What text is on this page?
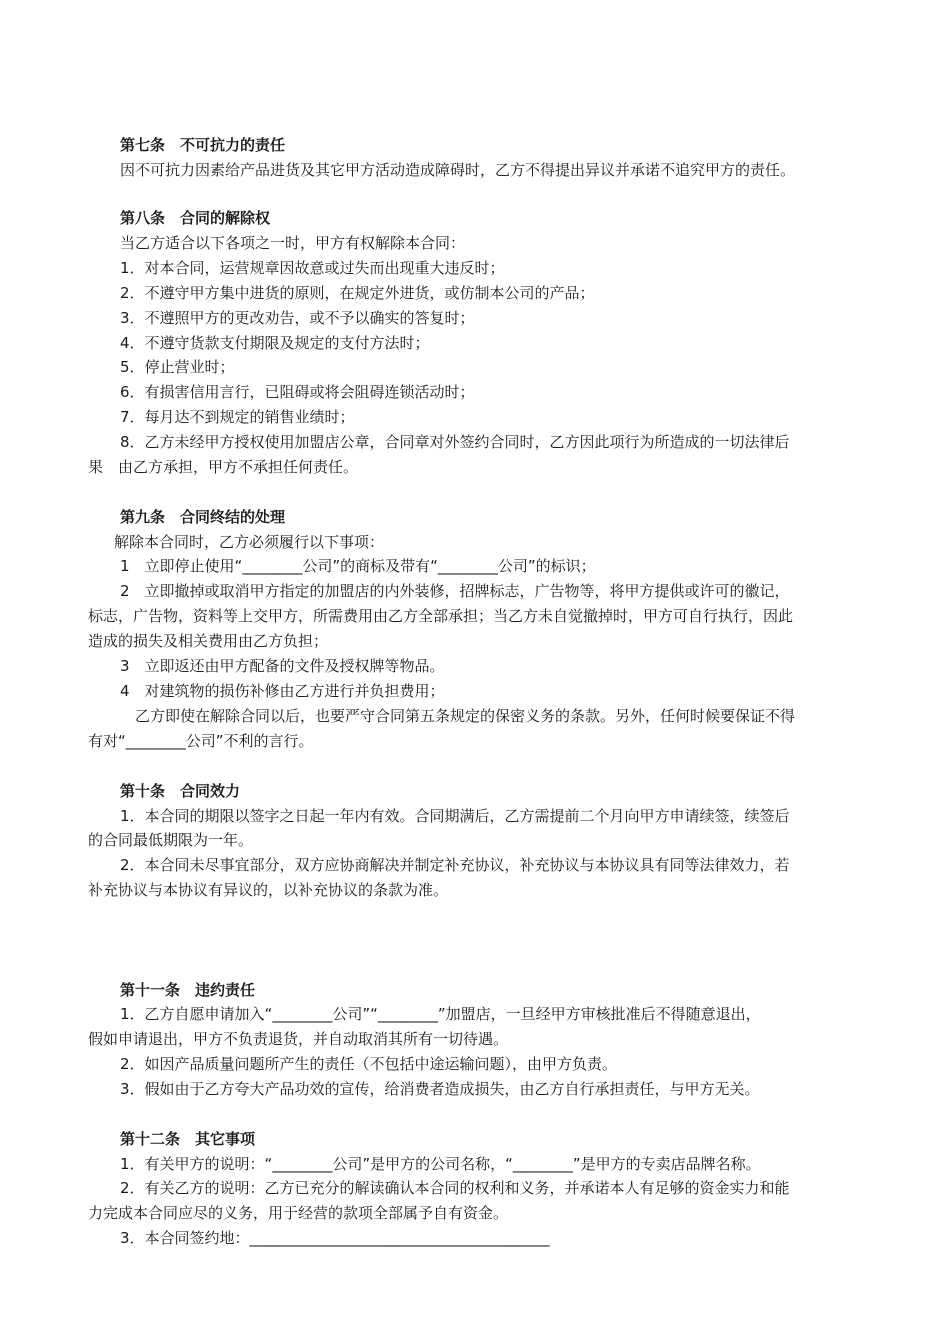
第七条　不可抗力的责任
因不可抗力因素给产品进货及其它甲方活动造成障碍时，乙方不得提出异议并承诺不追究甲方的责任。
第八条　合同的解除权
当乙方适合以下各项之一时，甲方有权解除本合同：
1．对本合同，运营规章因故意或过失而出现重大违反时；
2．不遵守甲方集中进货的原则，在规定外进货，或仿制本公司的产品；
3．不遵照甲方的更改劝告，或不予以确实的答复时；
4．不遵守货款支付期限及规定的支付方法时；
5．停止营业时；
6．有损害信用言行，已阻碍或将会阻碍连锁活动时；
7．每月达不到规定的销售业绩时；
8．乙方未经甲方授权使用加盟店公章，合同章对外签约合同时，乙方因此项行为所造成的一切法律后
果　由乙方承担，甲方不承担任何责任。
第九条　合同终结的处理
解除本合同时，乙方必须履行以下事项：
1　立即停止使用“________公司”的商标及带有“________公司”的标识；
2　立即撤掉或取消甲方指定的加盟店的内外装修，招牌标志，广告物等，将甲方提供或许可的徽记，
标志，广告物，资料等上交甲方，所需费用由乙方全部承担；当乙方未自觉撤掉时，甲方可自行执行，因此
造成的损失及相关费用由乙方负担；
3　立即返还由甲方配备的文件及授权牌等物品。
4　对建筑物的损伤补修由乙方进行并负担费用；
乙方即使在解除合同以后，也要严守合同第五条规定的保密义务的条款。另外，任何时候要保证不得
有对“________公司”不利的言行。
第十条　合同效力
1．本合同的期限以签字之日起一年内有效。合同期满后，乙方需提前二个月向甲方申请续签，续签后
的合同最低期限为一年。
2．本合同未尽事宜部分，双方应协商解决并制定补充协议，补充协议与本协议具有同等法律效力，若
补充协议与本协议有异议的，以补充协议的条款为准。
第十一条　违约责任
1．乙方自愿申请加入“________公司”“________”加盟店，一旦经甲方审核批准后不得随意退出，
假如申请退出，甲方不负责退货，并自动取消其所有一切待遇。
2．如因产品质量问题所产生的责任（不包括中途运输问题），由甲方负责。
3．假如由于乙方夸大产品功效的宣传，给消费者造成损失，由乙方自行承担责任，与甲方无关。
第十二条　其它事项
1．有关甲方的说明：“________公司”是甲方的公司名称，“________”是甲方的专卖店品牌名称。
2．有关乙方的说明：乙方已充分的解读确认本合同的权利和义务，并承诺本人有足够的资金实力和能
力完成本合同应尽的义务，用于经营的款项全部属予自有资金。
3．本合同签约地：________________________________________
